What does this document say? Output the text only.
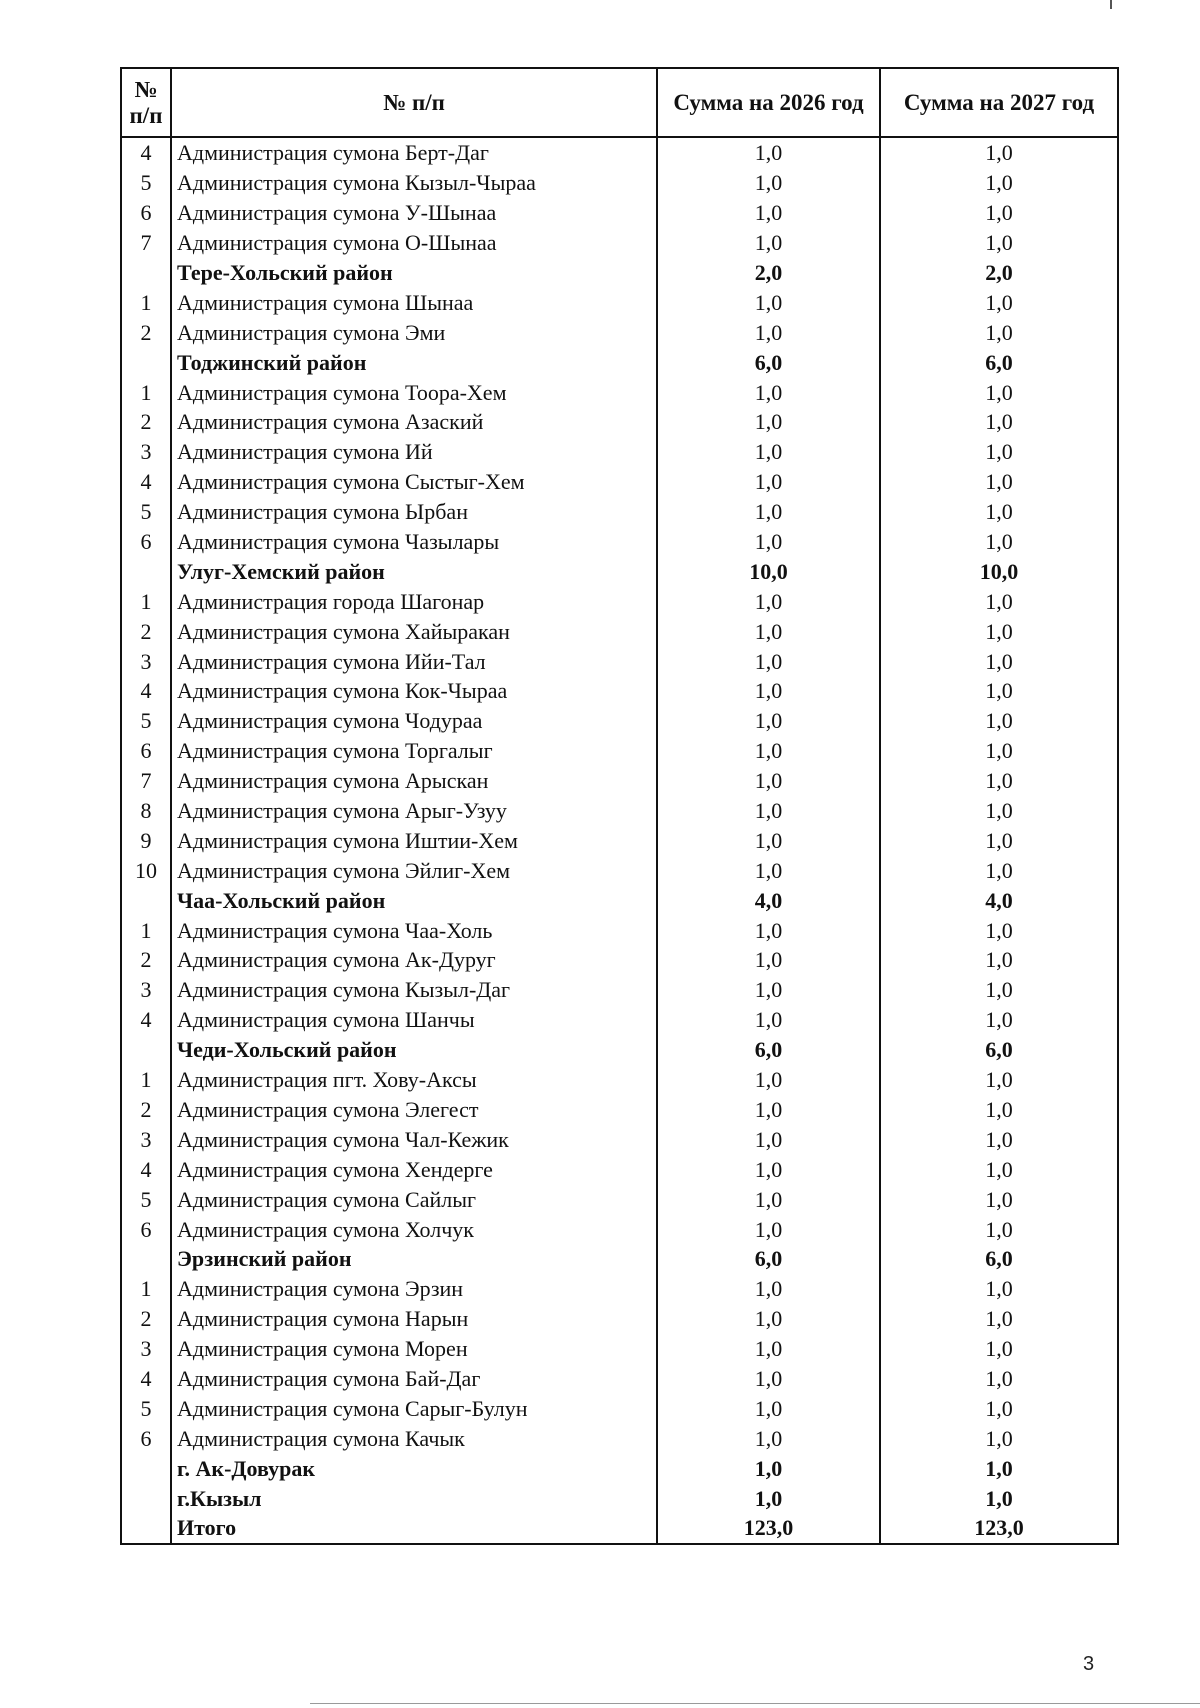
№
п/п	№ п/п	Сумма на 2026 год	Сумма на 2027 год
4	Администрация сумона Берт-Даг	1,0	1,0
5	Администрация сумона Кызыл-Чыраа	1,0	1,0
6	Администрация сумона У-Шынаа	1,0	1,0
7	Администрация сумона О-Шынаа	1,0	1,0
	Тере-Хольский район	2,0	2,0
1	Администрация сумона Шынаа	1,0	1,0
2	Администрация сумона Эми	1,0	1,0
	Тоджинский район	6,0	6,0
1	Администрация сумона Тоора-Хем	1,0	1,0
2	Администрация сумона Азаский	1,0	1,0
3	Администрация сумона Ий	1,0	1,0
4	Администрация сумона Сыстыг-Хем	1,0	1,0
5	Администрация сумона Ырбан	1,0	1,0
6	Администрация сумона Чазылары	1,0	1,0
	Улуг-Хемский район	10,0	10,0
1	Администрация города Шагонар	1,0	1,0
2	Администрация сумона Хайыракан	1,0	1,0
3	Администрация сумона Ийи-Тал	1,0	1,0
4	Администрация сумона Кок-Чыраа	1,0	1,0
5	Администрация сумона Чодураа	1,0	1,0
6	Администрация сумона Торгалыг	1,0	1,0
7	Администрация сумона Арыскан	1,0	1,0
8	Администрация сумона Арыг-Узуу	1,0	1,0
9	Администрация сумона Иштии-Хем	1,0	1,0
10	Администрация сумона Эйлиг-Хем	1,0	1,0
	Чаа-Хольский район	4,0	4,0
1	Администрация сумона Чаа-Холь	1,0	1,0
2	Администрация сумона Ак-Дуруг	1,0	1,0
3	Администрация сумона Кызыл-Даг	1,0	1,0
4	Администрация сумона Шанчы	1,0	1,0
	Чеди-Хольский район	6,0	6,0
1	Администрация пгт. Хову-Аксы	1,0	1,0
2	Администрация сумона Элегест	1,0	1,0
3	Администрация сумона Чал-Кежик	1,0	1,0
4	Администрация сумона Хендерге	1,0	1,0
5	Администрация сумона Сайлыг	1,0	1,0
6	Администрация сумона Холчук	1,0	1,0
	Эрзинский район	6,0	6,0
1	Администрация сумона Эрзин	1,0	1,0
2	Администрация сумона Нарын	1,0	1,0
3	Администрация сумона Морен	1,0	1,0
4	Администрация сумона Бай-Даг	1,0	1,0
5	Администрация сумона Сарыг-Булун	1,0	1,0
6	Администрация сумона Качык	1,0	1,0
	г. Ак-Довурак	1,0	1,0
	г.Кызыл	1,0	1,0
	Итого	123,0	123,0
3
